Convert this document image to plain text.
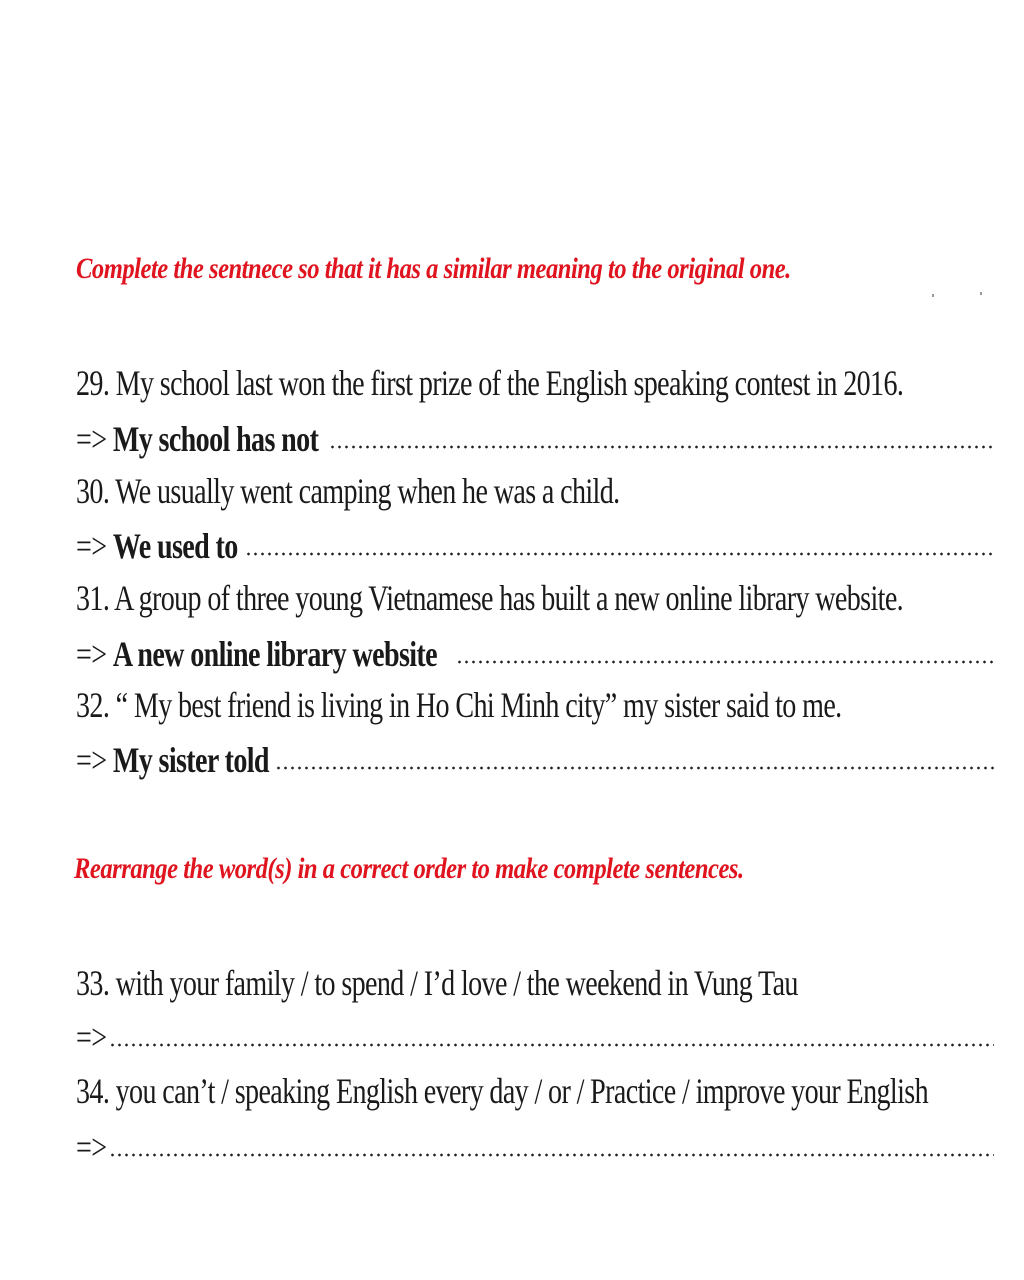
Complete the sentnece so that it has a similar meaning to the original one.
29. My school last won the first prize of the English speaking contest in 2016.
=> My school has not
30. We usually went camping when he was a child.
=> We used to
31. A group of three young Vietnamese has built a new online library website.
=> A new online library website
32. “ My best friend is living in Ho Chi Minh city” my sister said to me.
=> My sister told
Rearrange the word(s) in a correct order to make complete sentences.
33. with your family / to spend / I’d love / the weekend in Vung Tau
=>
34. you can’t / speaking English every day / or / Practice / improve your English
=>
